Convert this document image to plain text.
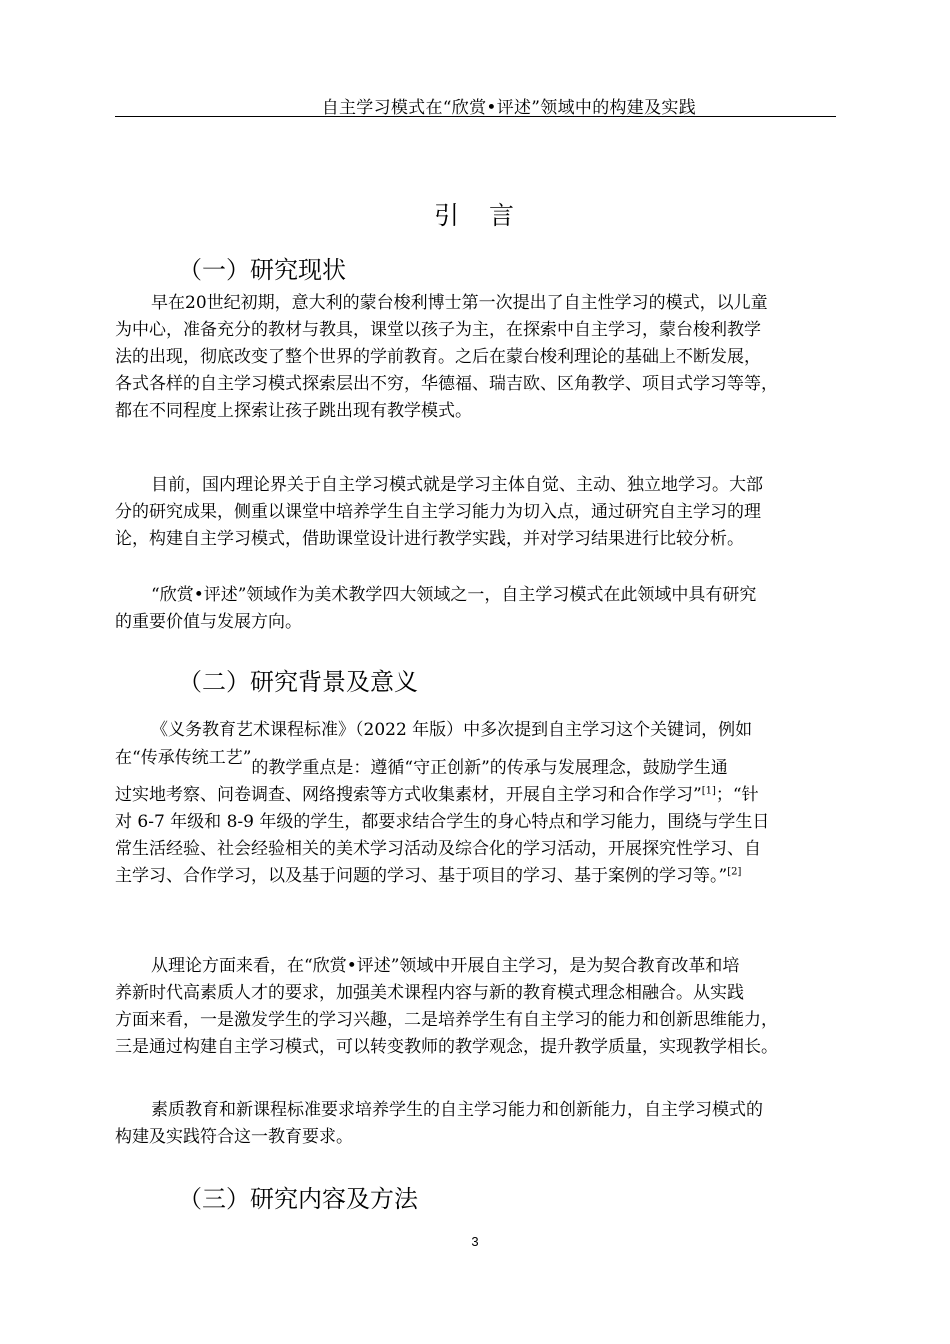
自主学习模式在“欣赏•评述”领域中的构建及实践
引 言
（一）研究现状
早在20世纪初期，意大利的蒙台梭利博士第一次提出了自主性学习的模式，以儿童
为中心，准备充分的教材与教具，课堂以孩子为主，在探索中自主学习，蒙台梭利教学
法的出现，彻底改变了整个世界的学前教育。之后在蒙台梭利理论的基础上不断发展，
各式各样的自主学习模式探索层出不穷，华德福、瑞吉欧、区角教学、项目式学习等等，
都在不同程度上探索让孩子跳出现有教学模式。
目前，国内理论界关于自主学习模式就是学习主体自觉、主动、独立地学习。大部
分的研究成果，侧重以课堂中培养学生自主学习能力为切入点，通过研究自主学习的理
论，构建自主学习模式，借助课堂设计进行教学实践，并对学习结果进行比较分析。
“欣赏•评述”领域作为美术教学四大领域之一，自主学习模式在此领域中具有研究
的重要价值与发展方向。
（二）研究背景及意义
《义务教育艺术课程标准》（2022 年版）中多次提到自主学习这个关键词，例如
在“传承传统工艺”的教学重点是：遵循“守正创新”的传承与发展理念，鼓励学生通
过实地考察、问卷调查、网络搜索等方式收集素材，开展自主学习和合作学习”[1]；“针
对 6-7 年级和 8-9 年级的学生，都要求结合学生的身心特点和学习能力，围绕与学生日
常生活经验、社会经验相关的美术学习活动及综合化的学习活动，开展探究性学习、自
主学习、合作学习，以及基于问题的学习、基于项目的学习、基于案例的学习等。”[2]
从理论方面来看，在“欣赏•评述”领域中开展自主学习，是为契合教育改革和培
养新时代高素质人才的要求，加强美术课程内容与新的教育模式理念相融合。从实践
方面来看，一是激发学生的学习兴趣，二是培养学生有自主学习的能力和创新思维能力，
三是通过构建自主学习模式，可以转变教师的教学观念，提升教学质量，实现教学相长。
素质教育和新课程标准要求培养学生的自主学习能力和创新能力，自主学习模式的
构建及实践符合这一教育要求。
（三）研究内容及方法
3
